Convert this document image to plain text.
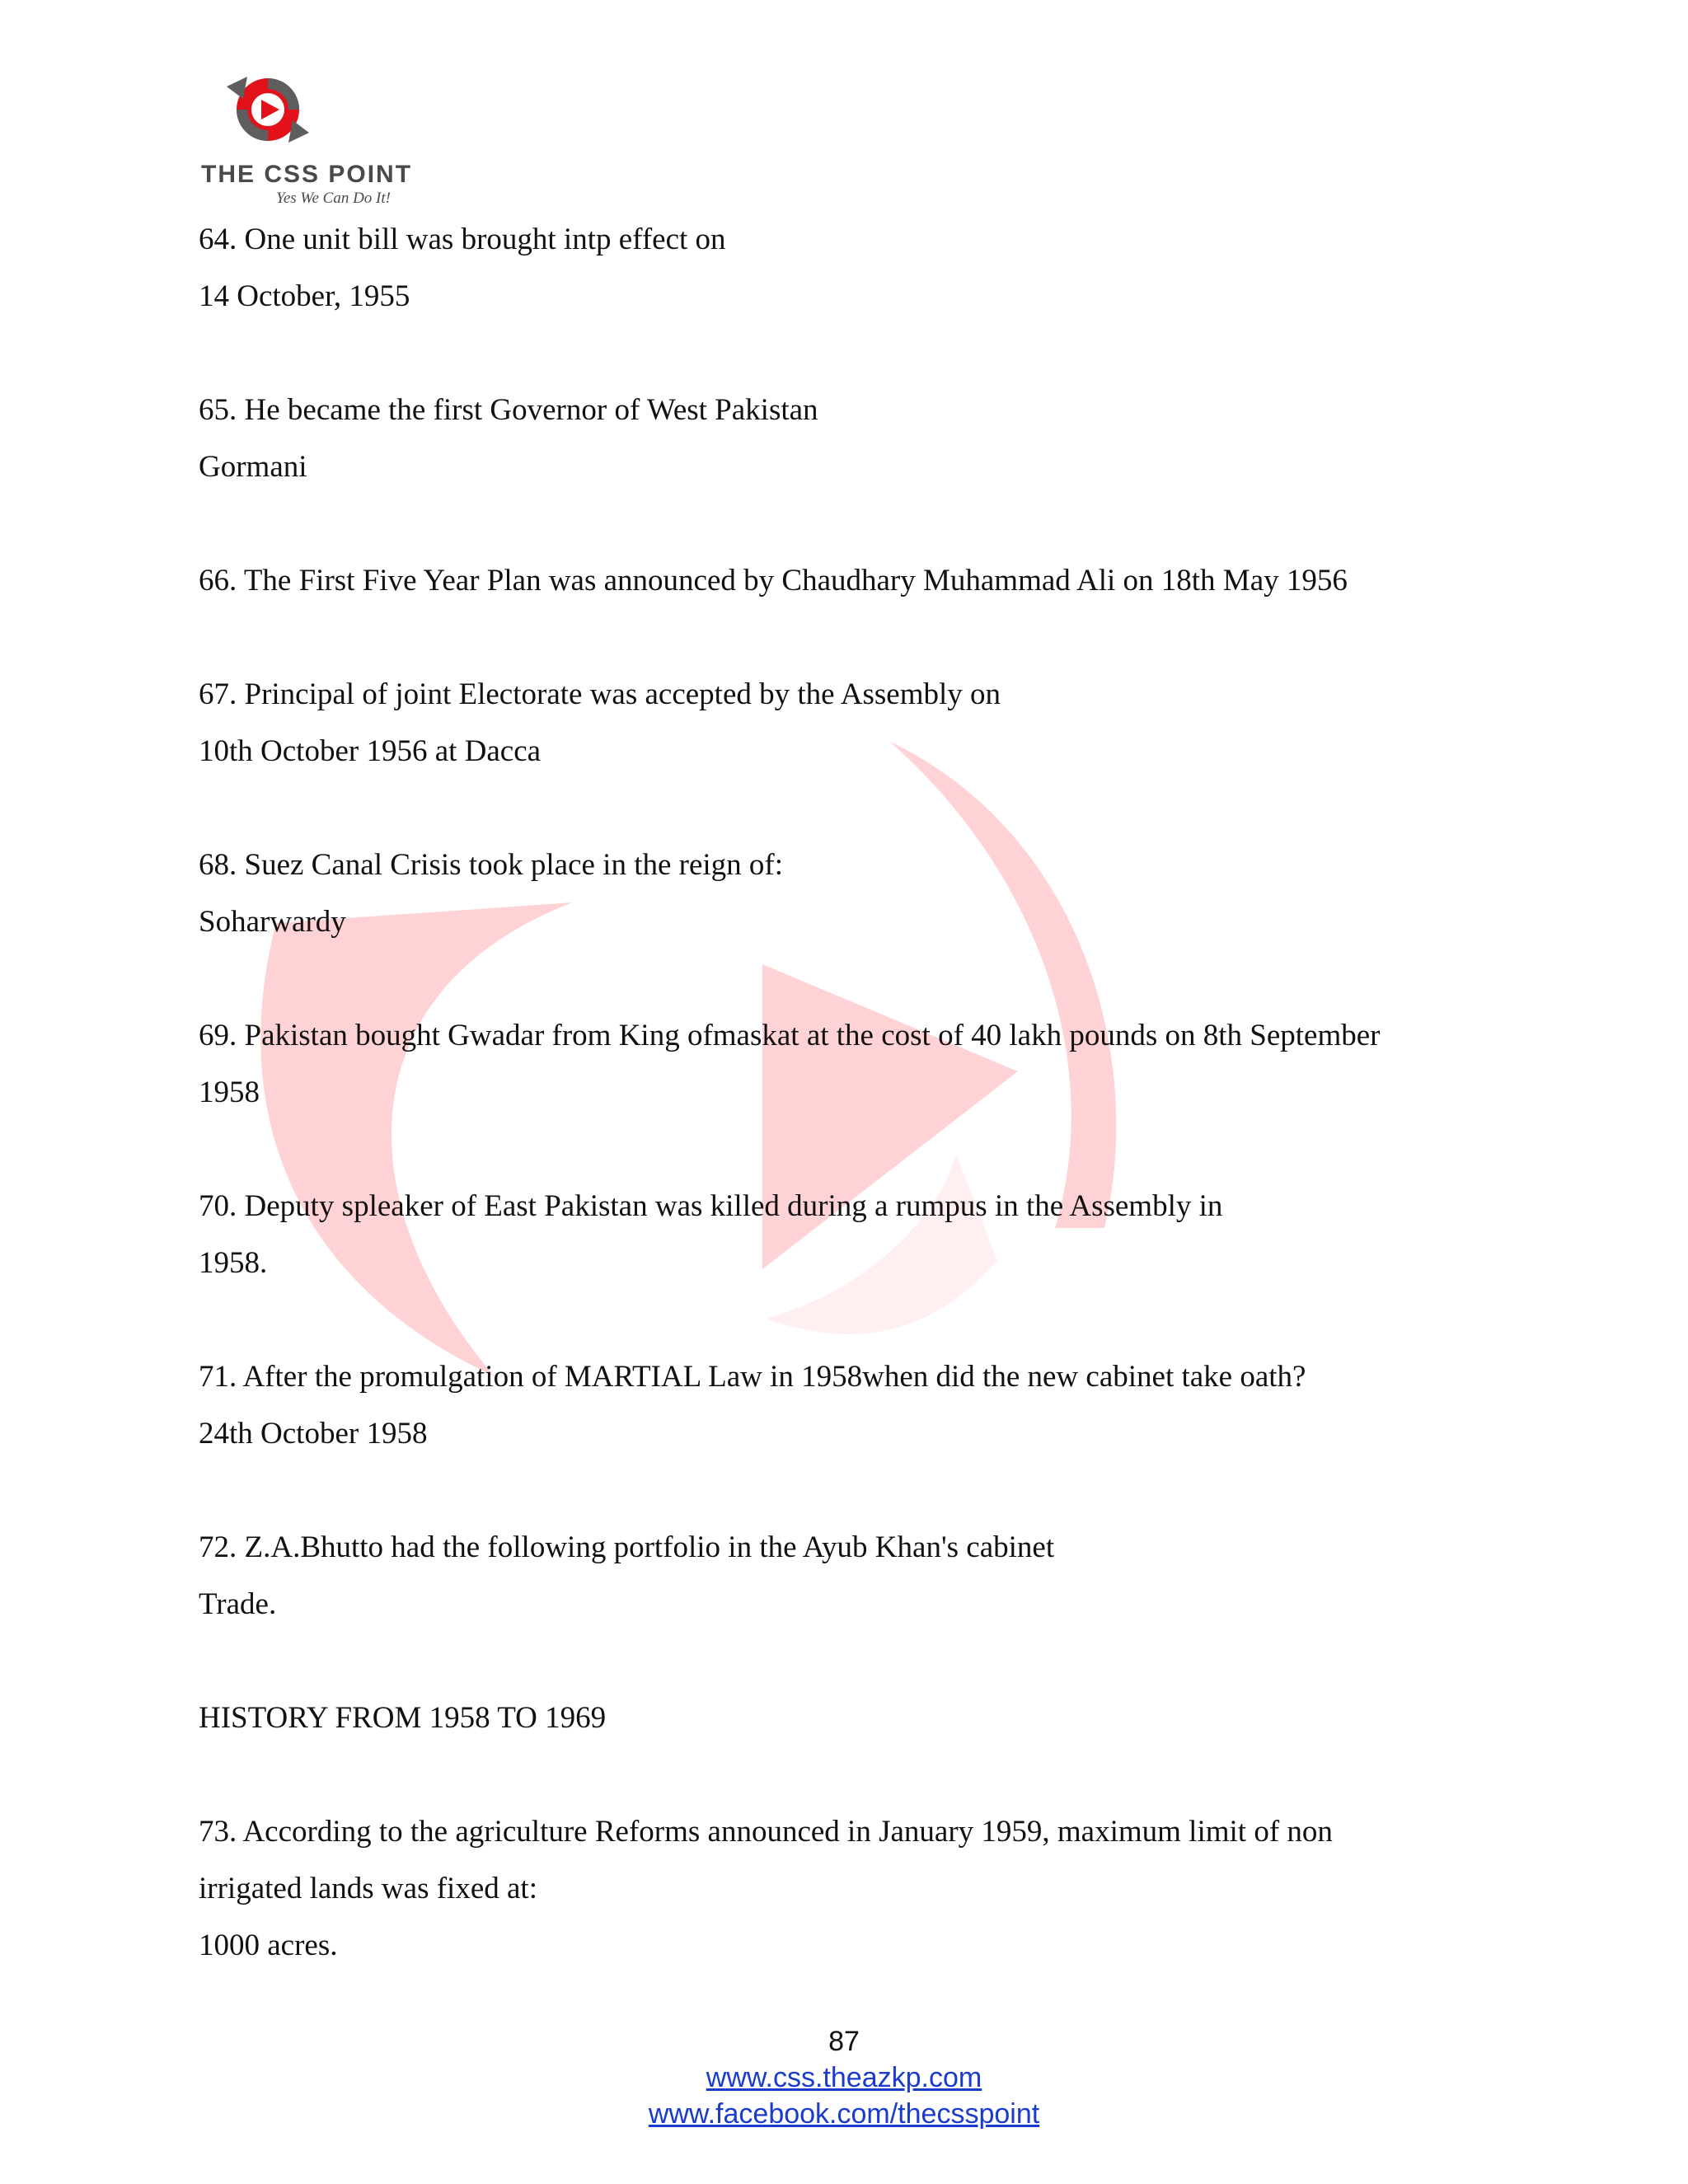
THE CSS POINT
Yes We Can Do It!
64. One unit bill was brought intp effect on
14 October, 1955
65. He became the first Governor of West Pakistan
Gormani
66. The First Five Year Plan was announced by Chaudhary Muhammad Ali on 18th May 1956
67. Principal of joint Electorate was accepted by the Assembly on
10th October 1956 at Dacca
68. Suez Canal Crisis took place in the reign of:
Soharwardy
69. Pakistan bought Gwadar from King ofmaskat at the cost of 40 lakh pounds on 8th September
1958
70. Deputy spleaker of East Pakistan was killed during a rumpus in the Assembly in
1958.
71. After the promulgation of MARTIAL Law in 1958when did the new cabinet take oath?
24th October 1958
72. Z.A.Bhutto had the following portfolio in the Ayub Khan's cabinet
Trade.
HISTORY FROM 1958 TO 1969
73. According to the agriculture Reforms announced in January 1959, maximum limit of non
irrigated lands was fixed at:
1000 acres.
87
www.css.theazkp.com
www.facebook.com/thecsspoint
